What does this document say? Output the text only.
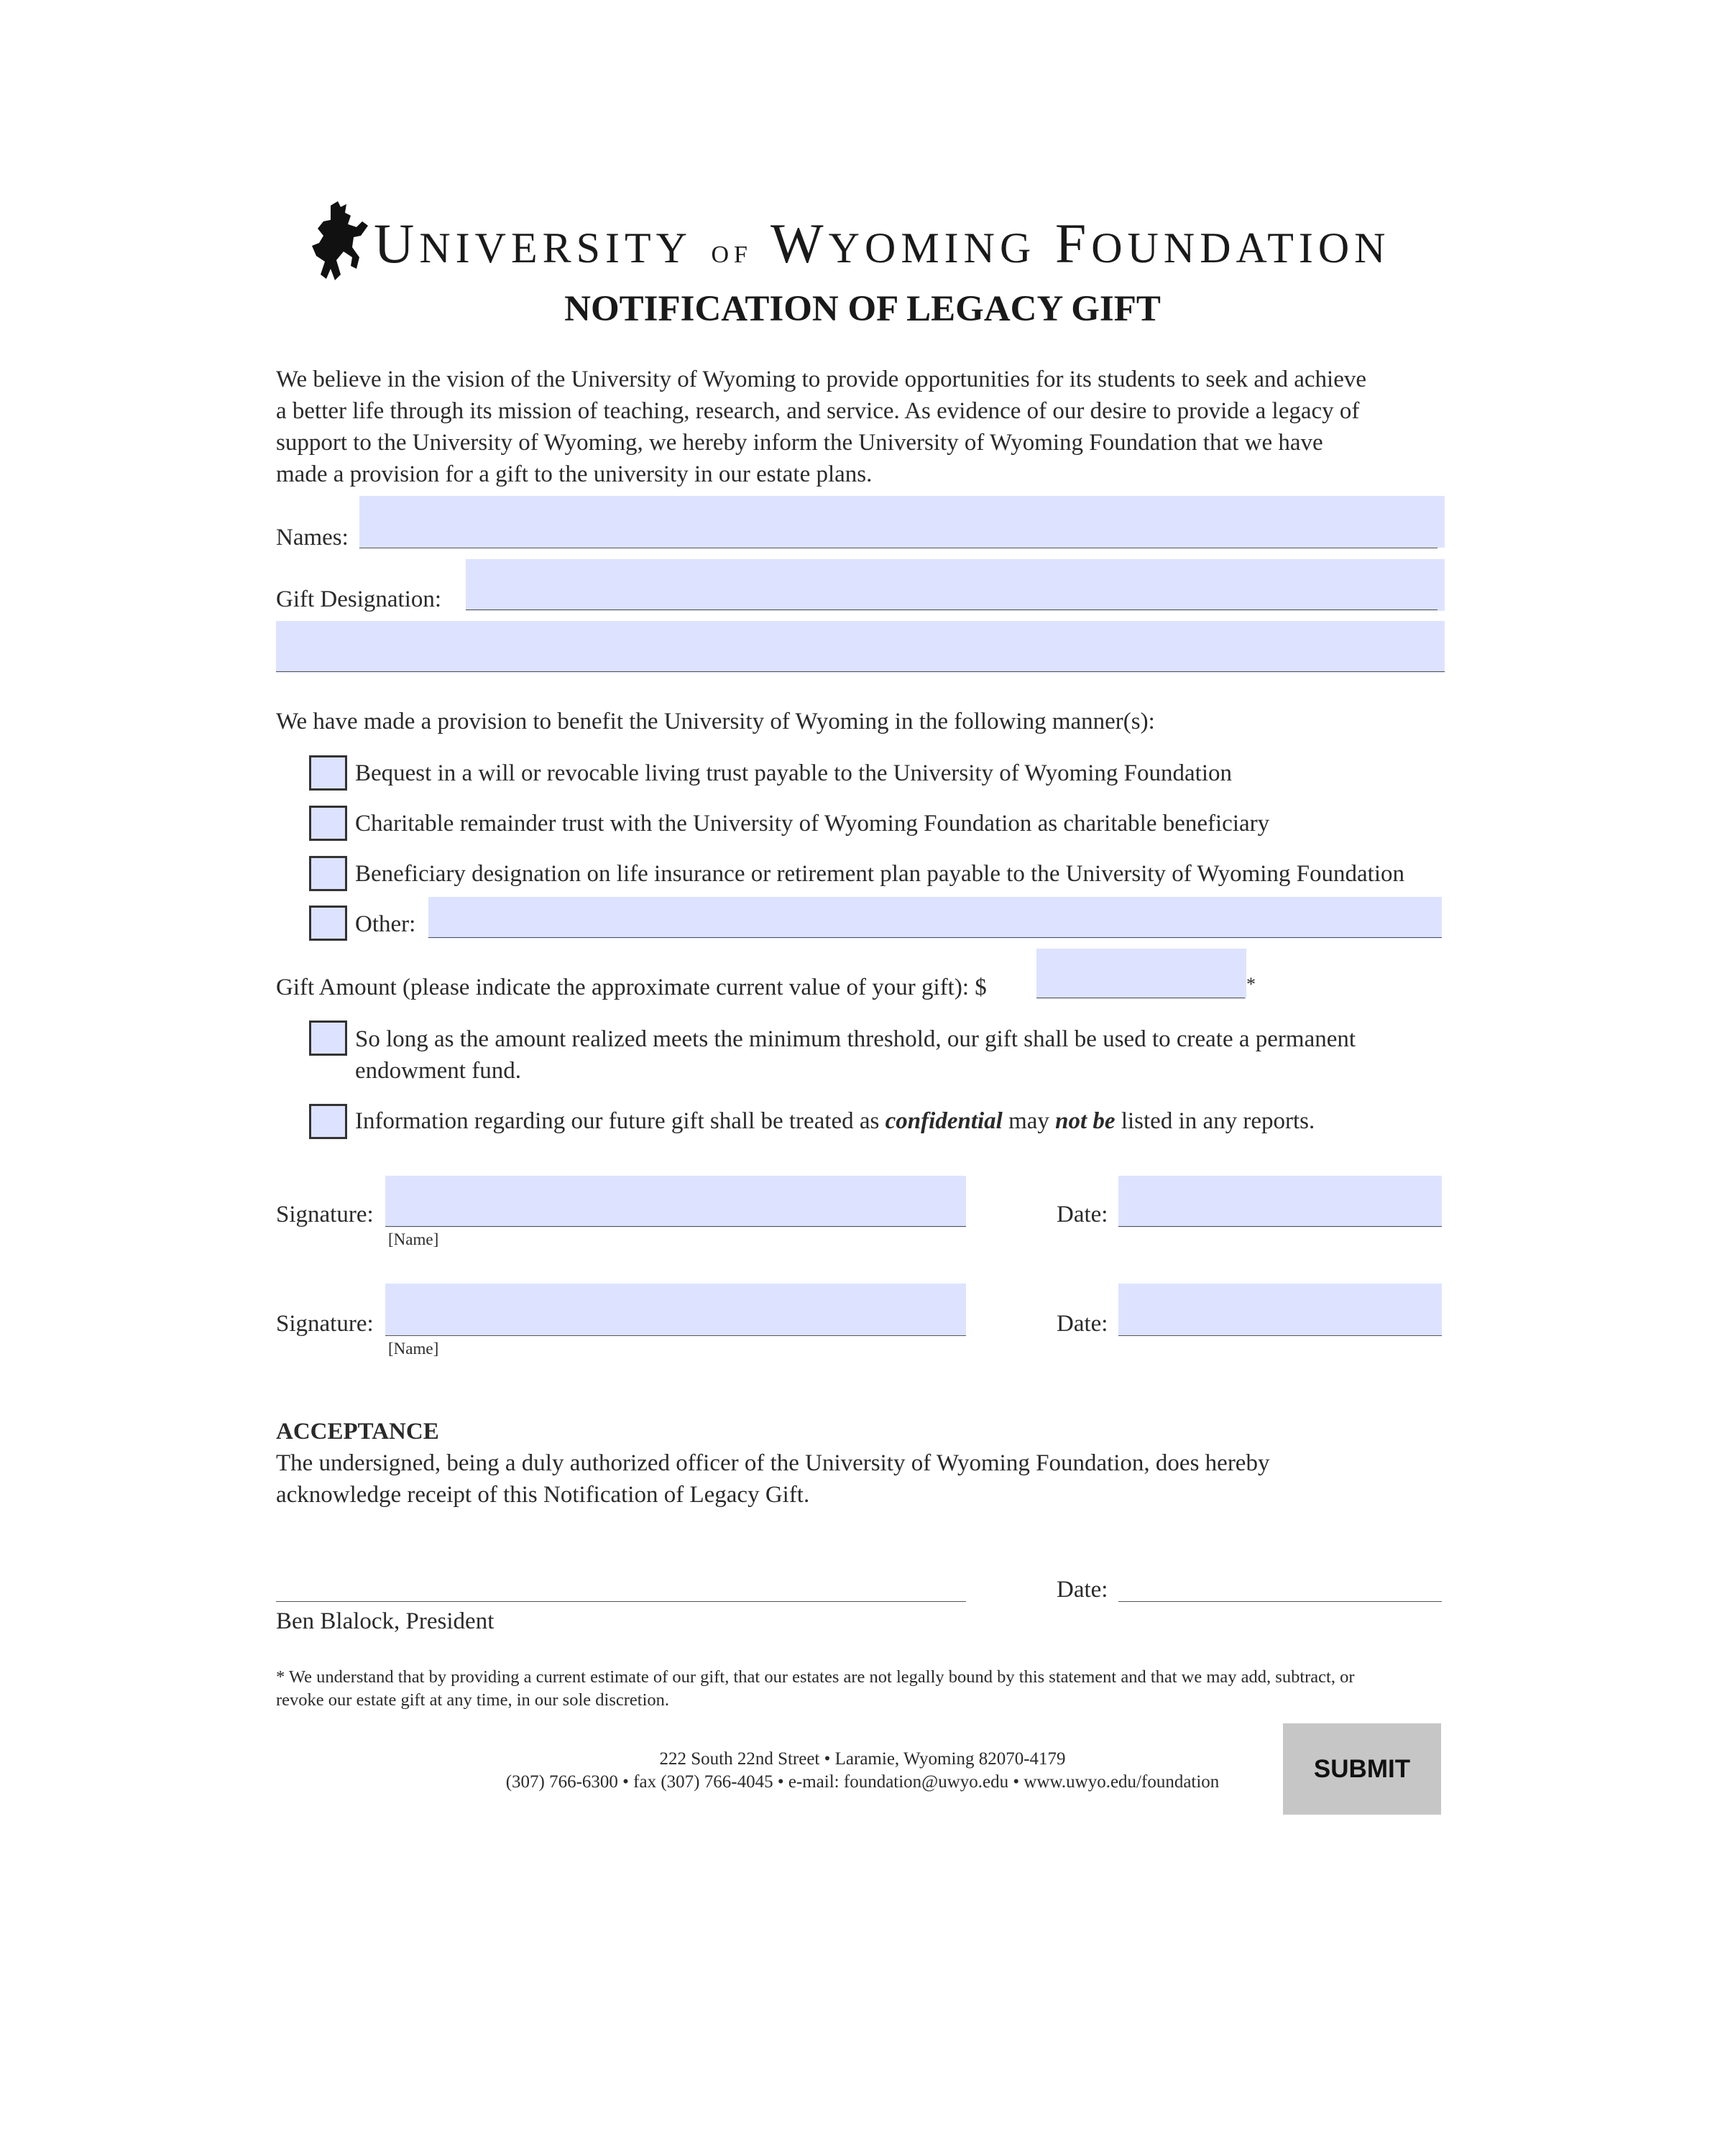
UNIVERSITY OF WYOMING FOUNDATION
NOTIFICATION OF LEGACY GIFT
We believe in the vision of the University of Wyoming to provide opportunities for its students to seek and achieve
a better life through its mission of teaching, research, and service. As evidence of our desire to provide a legacy of
support to the University of Wyoming, we hereby inform the University of Wyoming Foundation that we have
made a provision for a gift to the university in our estate plans.
Names:
Gift Designation:
We have made a provision to benefit the University of Wyoming in the following manner(s):
Bequest in a will or revocable living trust payable to the University of Wyoming Foundation
Charitable remainder trust with the University of Wyoming Foundation as charitable beneficiary
Beneficiary designation on life insurance or retirement plan payable to the University of Wyoming Foundation
Other:
Gift Amount (please indicate the approximate current value of your gift): $	*
So long as the amount realized meets the minimum threshold, our gift shall be used to create a permanent
endowment fund.
Information regarding our future gift shall be treated as confidential may not be listed in any reports.
Signature:
[Name]
Date:
Signature:
[Name]
Date:
ACCEPTANCE
The undersigned, being a duly authorized officer of the University of Wyoming Foundation, does hereby
acknowledge receipt of this Notification of Legacy Gift.
Date:
Ben Blalock, President
* We understand that by providing a current estimate of our gift, that our estates are not legally bound by this statement and that we may add, subtract, or
revoke our estate gift at any time, in our sole discretion.
222 South 22nd Street • Laramie, Wyoming 82070-4179
(307) 766-6300 • fax (307) 766-4045 • e-mail: foundation@uwyo.edu • www.uwyo.edu/foundation	SUBMIT
